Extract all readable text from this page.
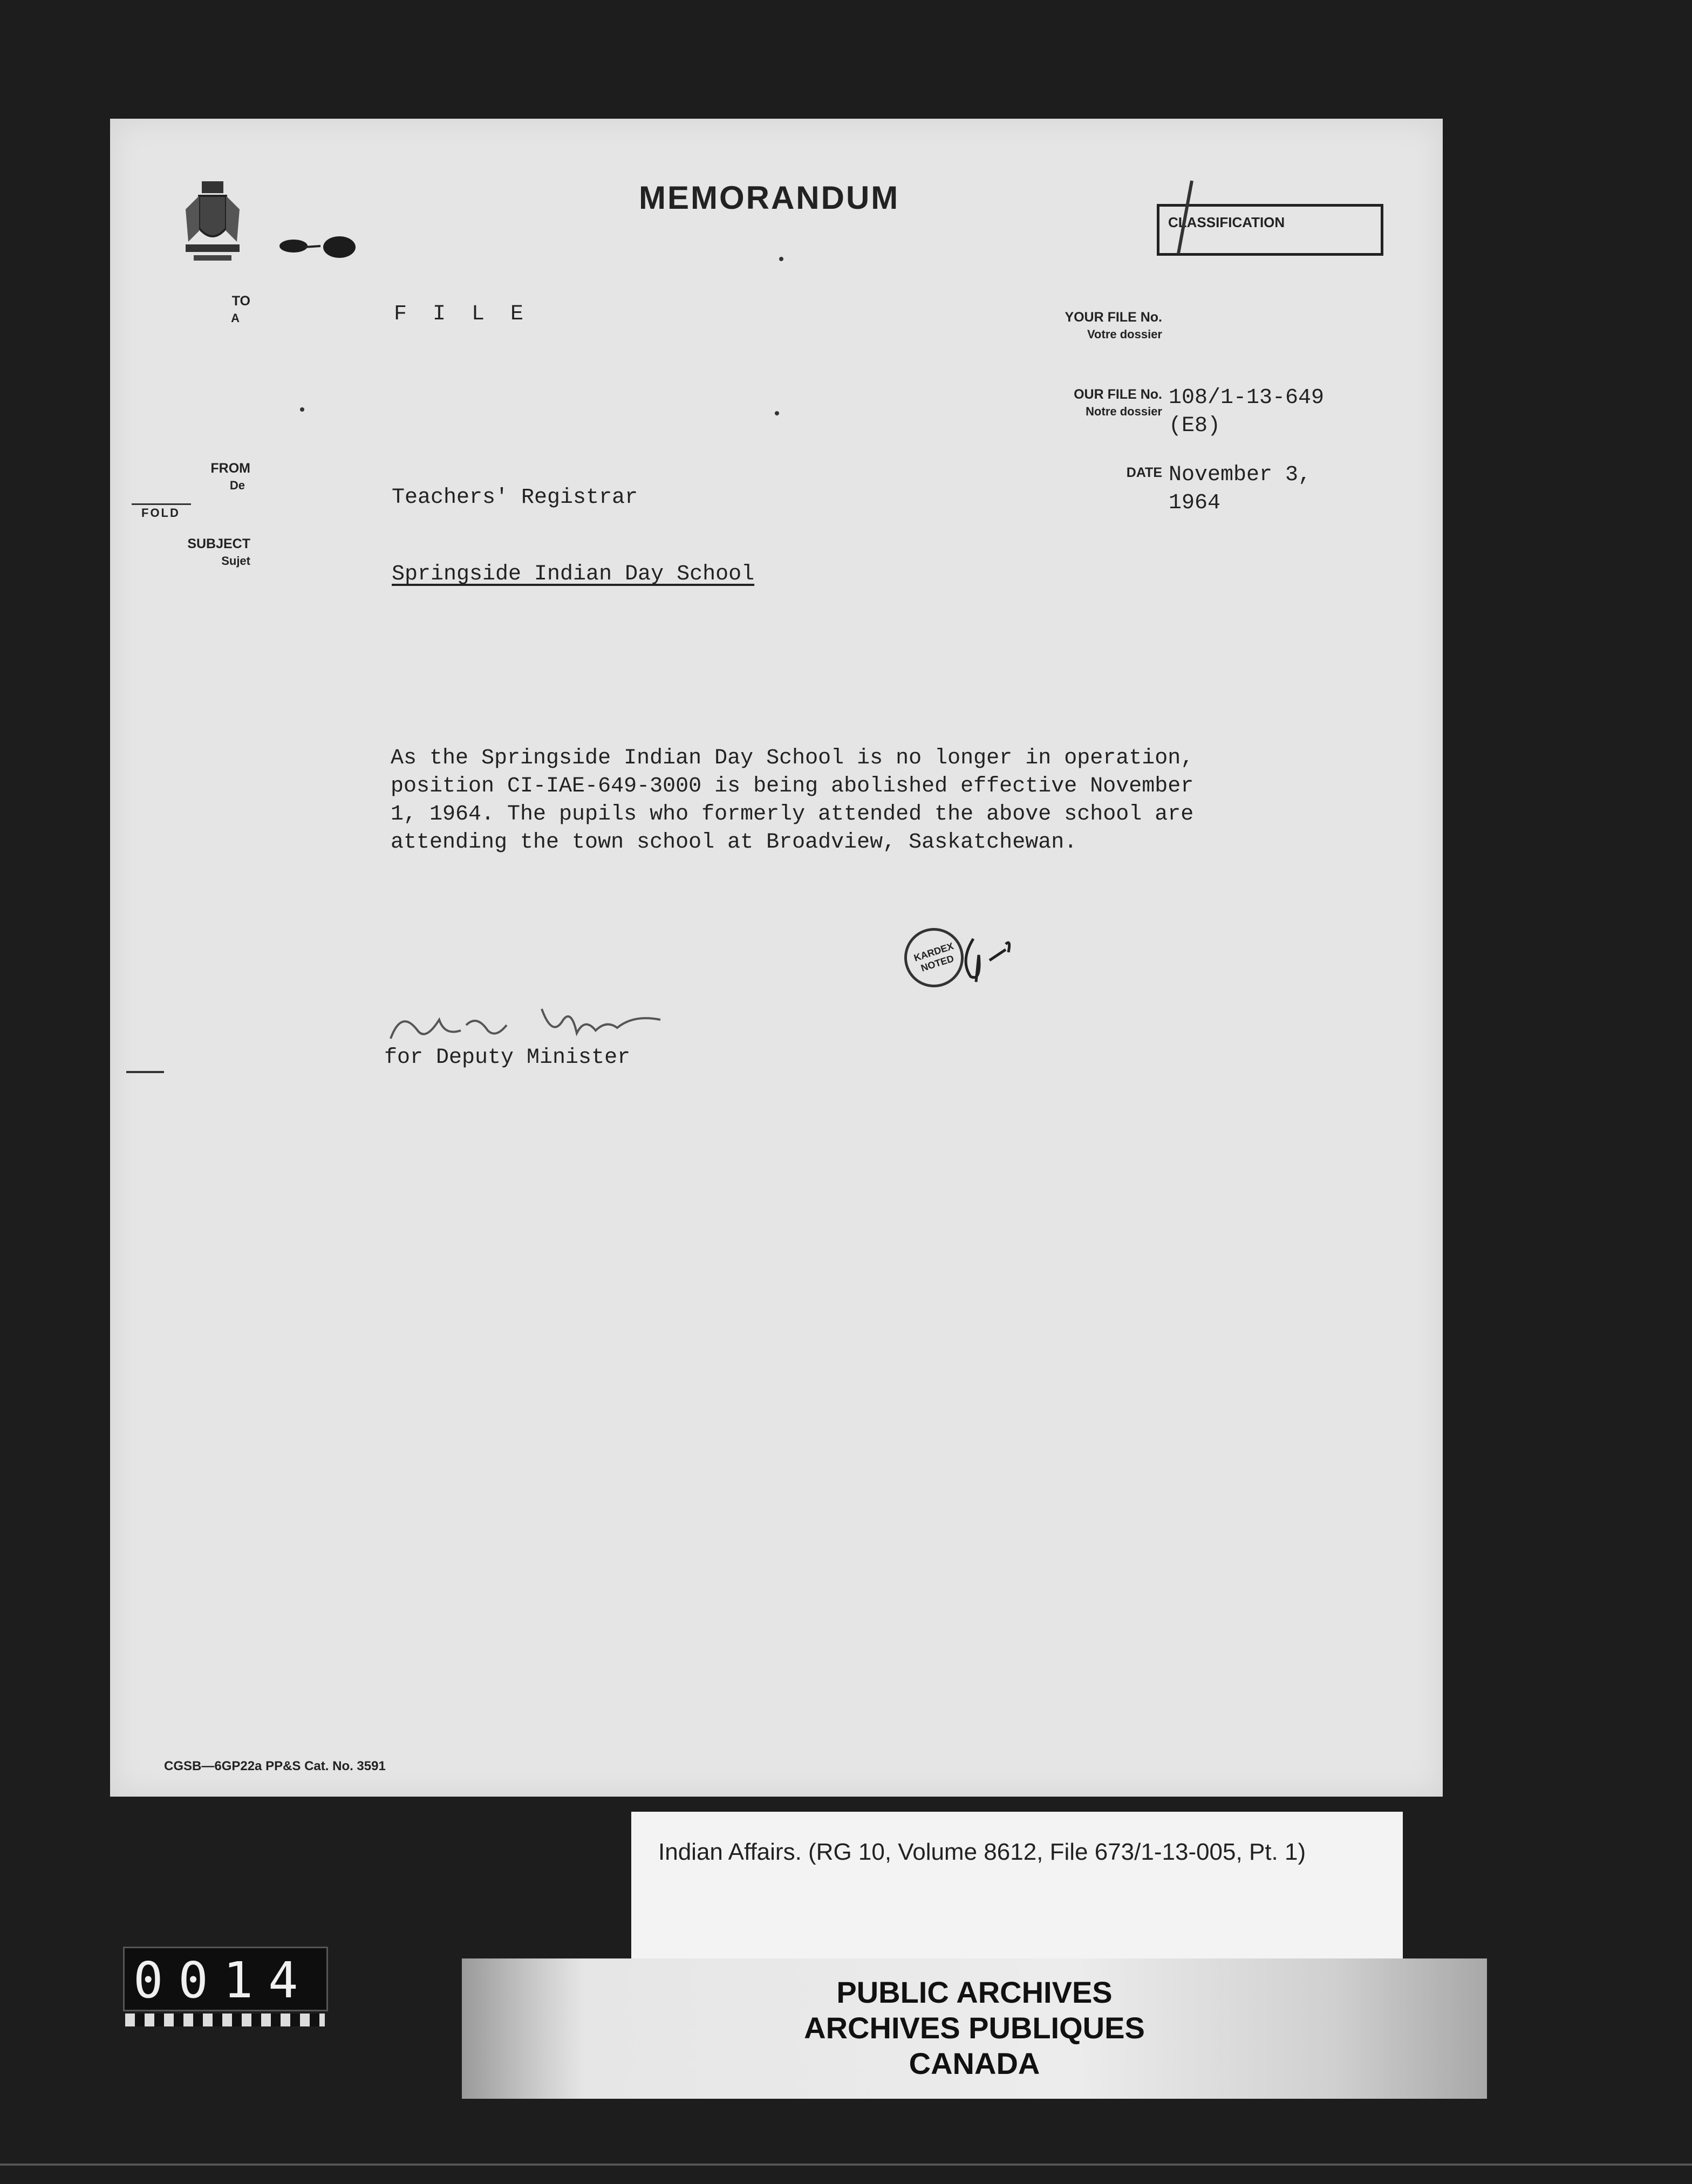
MEMORANDUM
CLASSIFICATION
TO
A	F I L E	YOUR FILE No.
Votre dossier
OUR FILE No.
Notre dossier
108/1-13-649
(E8)
DATE November 3,
1964
FROM
De
FOLD
Teachers' Registrar
SUBJECT
Sujet
Springside Indian Day School
As the Springside Indian Day School is no longer in operation,
position CI-IAE-649-3000 is being abolished effective November
1, 1964. The pupils who formerly attended the above school are
attending the town school at Broadview, Saskatchewan.
KARDEX NOTED
for Deputy Minister
CGSB—6GP22a PP&S Cat. No. 3591
Indian Affairs. (RG 10, Volume 8612, File 673/1-13-005, Pt. 1)
PUBLIC ARCHIVES
ARCHIVES PUBLIQUES
CANADA
0014
